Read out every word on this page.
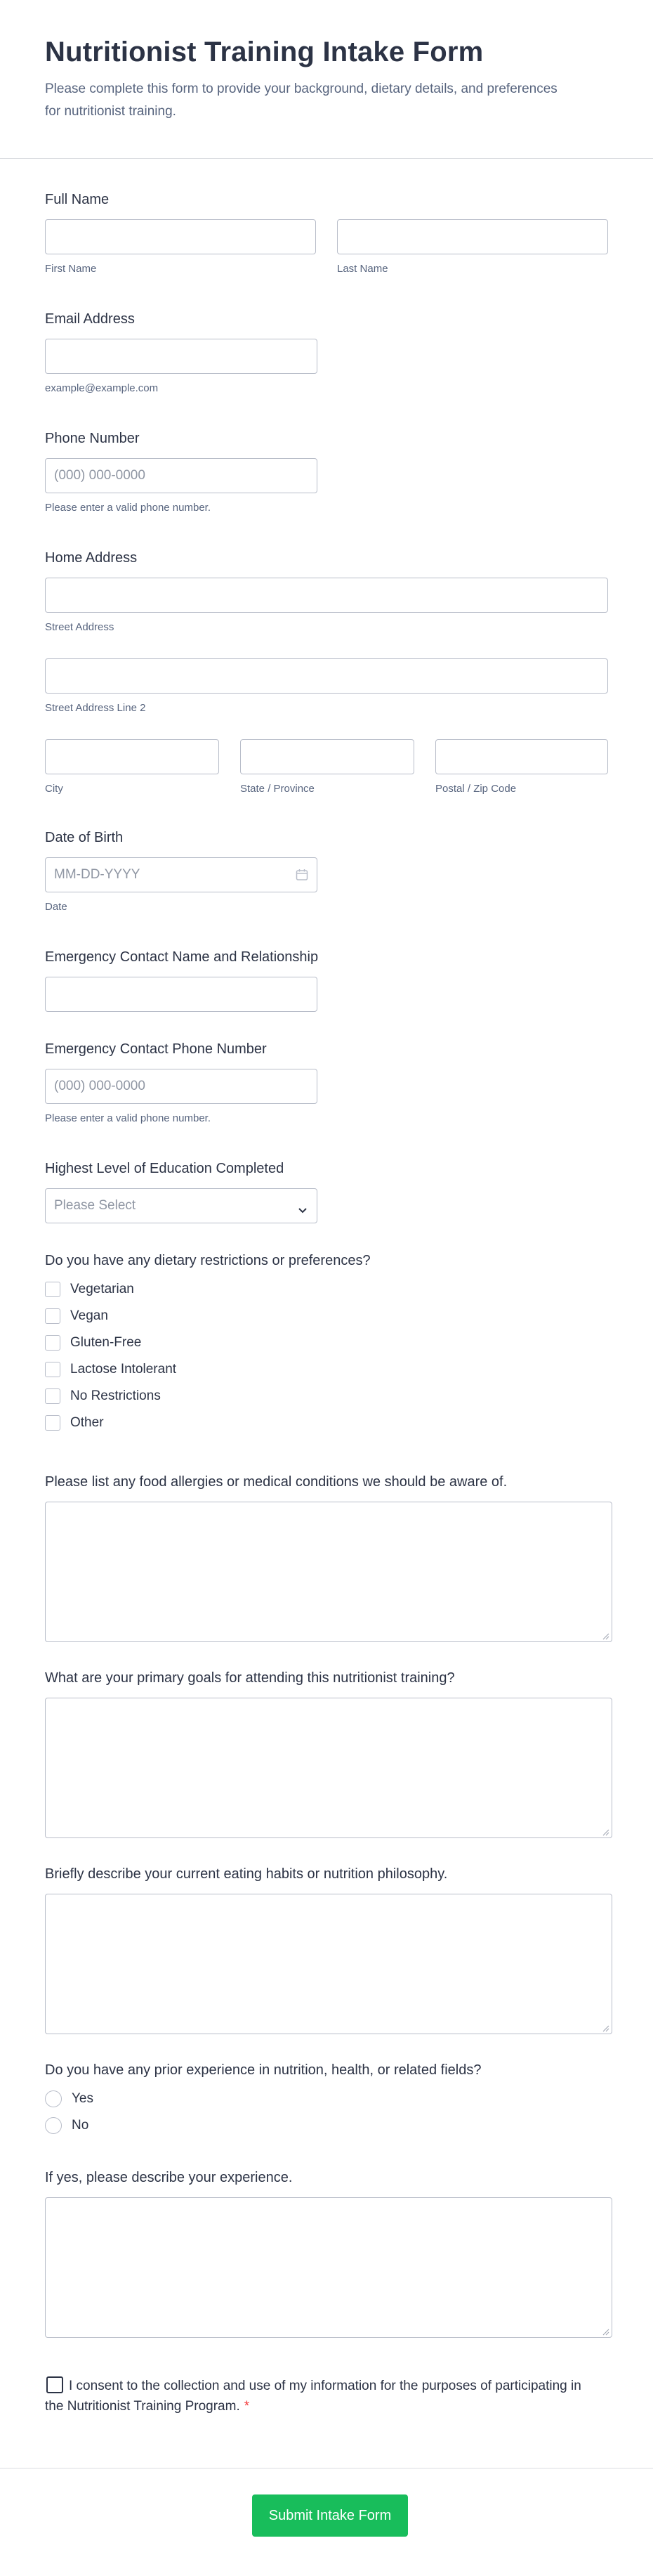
Nutritionist Training Intake Form

Please complete this form to provide your background, dietary details, and preferences for nutritionist training.

Full Name
First Name	Last Name
Email Address
example@example.com
Phone Number
(000) 000-0000
Please enter a valid phone number.
Home Address
Street Address
Street Address Line 2
City	State / Province	Postal / Zip Code
Date of Birth
MM-DD-YYYY
Date
Emergency Contact Name and Relationship
Emergency Contact Phone Number
(000) 000-0000
Please enter a valid phone number.
Highest Level of Education Completed
Please Select
Do you have any dietary restrictions or preferences?
Vegetarian
Vegan
Gluten-Free
Lactose Intolerant
No Restrictions
Other
Please list any food allergies or medical conditions we should be aware of.
What are your primary goals for attending this nutritionist training?
Briefly describe your current eating habits or nutrition philosophy.
Do you have any prior experience in nutrition, health, or related fields?
Yes
No
If yes, please describe your experience.
I consent to the collection and use of my information for the purposes of participating in the Nutritionist Training Program. *
Submit Intake Form
